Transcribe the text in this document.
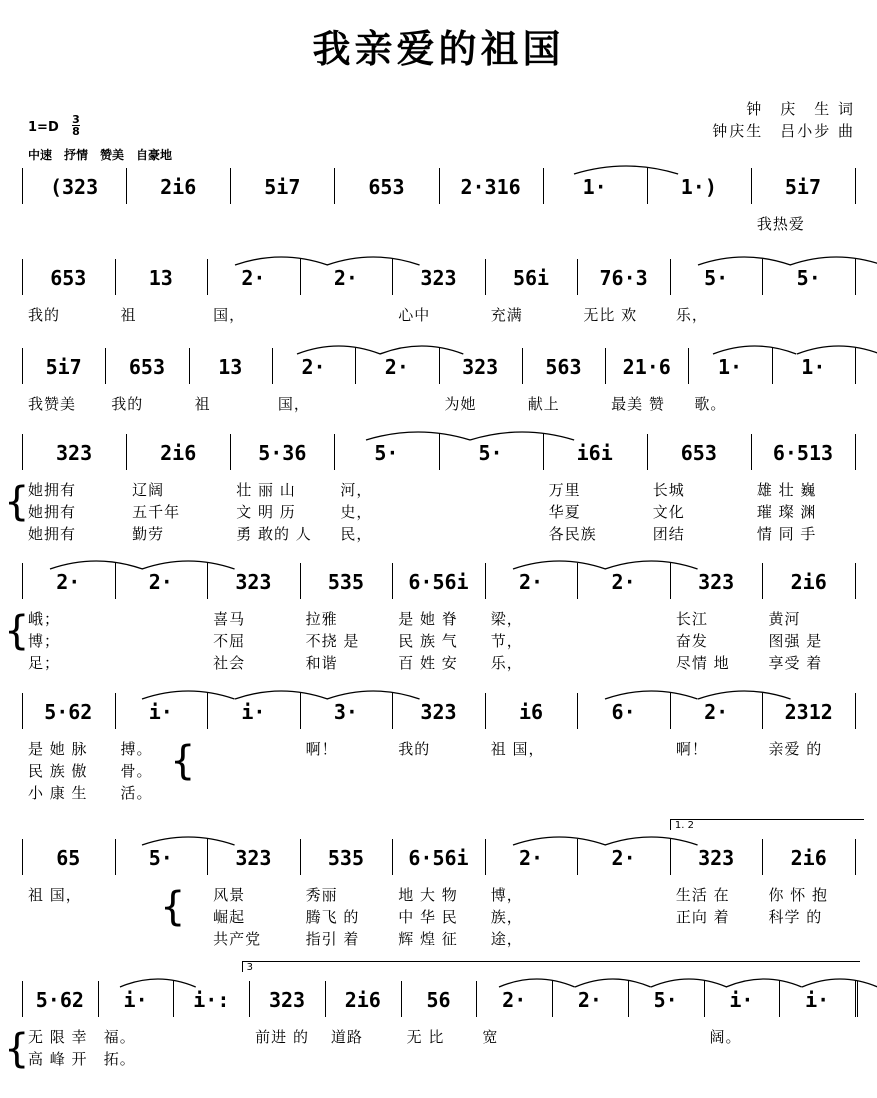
我亲爱的祖国
钟　庆　生 词
钟庆生　吕小步 曲
1=D
3
8
中速　抒情　赞美　自豪地
(323	2i6	5i7	653	2·316	1·	1·)	5i7
我热爱
653
我的
13
祖
2·
国，
2·	323
心中
56i
充满
76·3
无比 欢
5·
乐，
5·
5i7
我赞美
653
我的
13
祖
2·
国，
2·	323
为她
563
献上
21·6
最美 赞
1·
歌。
1·
323
她拥有
她拥有
她拥有
2i6
辽阔
五千年
勤劳
5·36
壮 丽 山
文 明 历
勇 敢的 人
5·
河，
史，
民，
5·	i6i
万里
华夏
各民族
653
长城
文化
团结
6·513
雄 壮 巍
璀 璨 渊
情 同 手
{
2·
峨；
博；
足；
2·	323
喜马
不屈
社会
535
拉雅
不挠 是
和谐
6·56i
是 她 脊
民 族 气
百 姓 安
2·
梁，
节，
乐，
2·	323
长江
奋发
尽情 地
2i6
黄河
图强 是
享受 着
{
5·62
是 她 脉
民 族 傲
小 康 生
i·
搏。
骨。
活。
i·	3·
啊！
323
我的
i6
祖 国，
6·	2·
啊！
2312
亲爱 的
{
1. 2
65
祖 国，
5·	323
风景
崛起
共产党
535
秀丽
腾飞 的
指引 着
6·56i
地 大 物
中 华 民
辉 煌 征
2·
博，
族，
途，
2·	323
生活 在
正向 着
2i6
你 怀 抱
科学 的
{
3
5·62
无 限 幸
高 峰 开
i·
福。
拓。
i·:	323
前进 的
2i6
道路
56
无 比
2·
宽
2·	5·	i·
阔。
i·
{
